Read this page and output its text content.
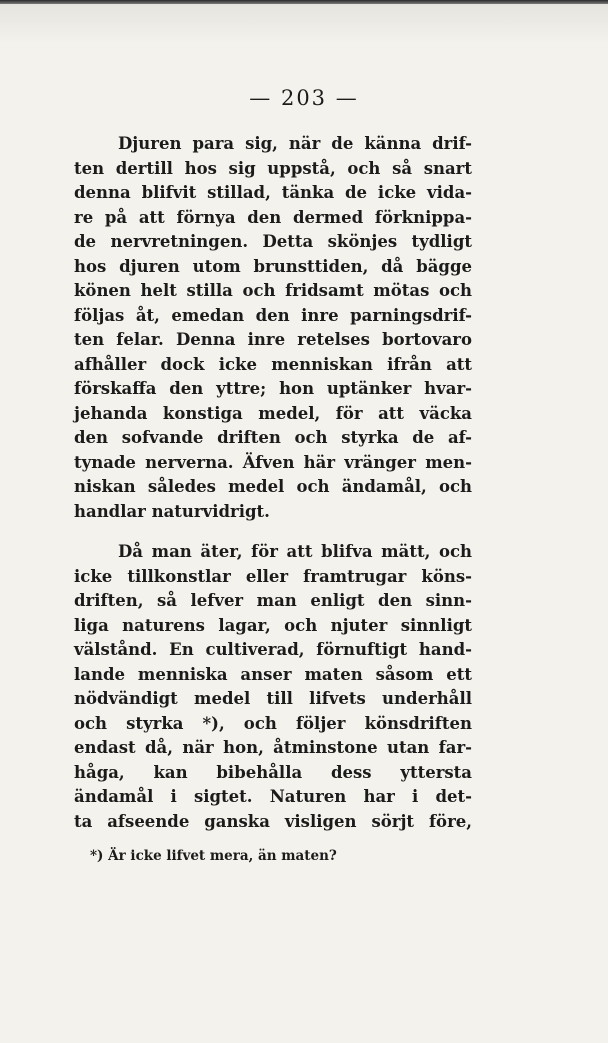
— 203 —
Djuren para sig, när de känna drif-
ten dertill hos sig uppstå, och så snart
denna blifvit stillad, tänka de icke vida-
re på att förnya den dermed förknippa-
de nervretningen. Detta skönjes tydligt
hos djuren utom brunsttiden, då bägge
könen helt stilla och fridsamt mötas och
följas åt, emedan den inre parningsdrif-
ten felar. Denna inre retelses bortovaro
afhåller dock icke menniskan ifrån att
förskaffa den yttre; hon uptänker hvar-
jehanda konstiga medel, för att väcka
den sofvande driften och styrka de af-
tynade nerverna. Äfven här vränger men-
niskan således medel och ändamål, och
handlar naturvidrigt.
Då man äter, för att blifva mätt, och
icke tillkonstlar eller framtrugar köns-
driften, så lefver man enligt den sinn-
liga naturens lagar, och njuter sinnligt
välstånd. En cultiverad, förnuftigt hand-
lande menniska anser maten såsom ett
nödvändigt medel till lifvets underhåll
och styrka *), och följer könsdriften
endast då, när hon, åtminstone utan far-
håga, kan bibehålla dess yttersta
ändamål i sigtet. Naturen har i det-
ta afseende ganska visligen sörjt före,
*) Är icke lifvet mera, än maten?
